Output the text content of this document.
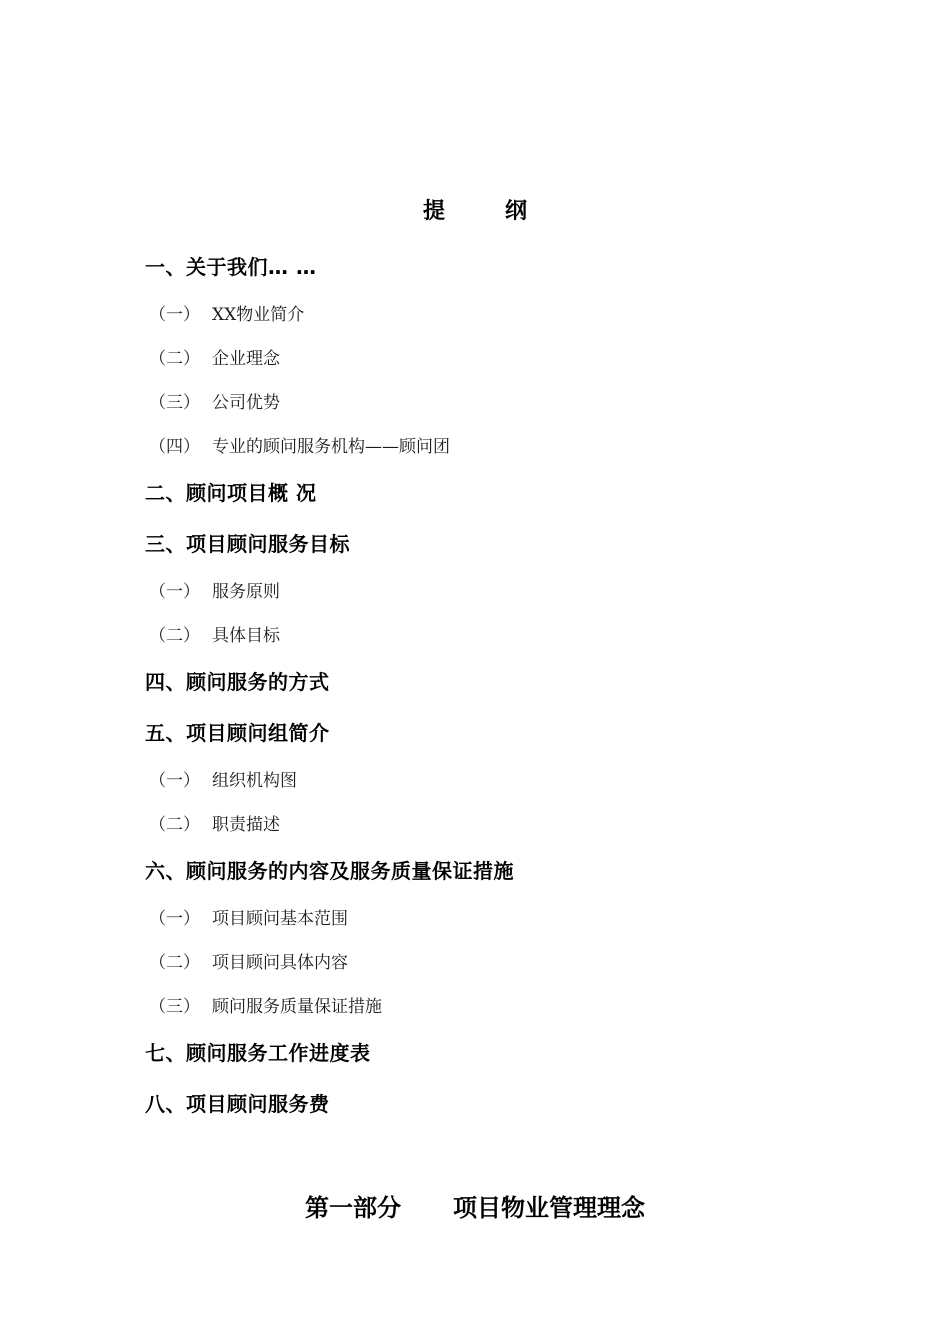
提	纲
一、关于我们… …
（一） XX物业简介
（二） 企业理念
（三） 公司优势
（四） 专业的顾问服务机构——顾问团
二、顾问项目概 况
三、项目顾问服务目标
（一） 服务原则
（二） 具体目标
四、顾问服务的方式
五、项目顾问组简介
（一） 组织机构图
（二） 职责描述
六、顾问服务的内容及服务质量保证措施
（一） 项目顾问基本范围
（二） 项目顾问具体内容
（三） 顾问服务质量保证措施
七、顾问服务工作进度表
八、项目顾问服务费
第一部分 项目物业管理理念
